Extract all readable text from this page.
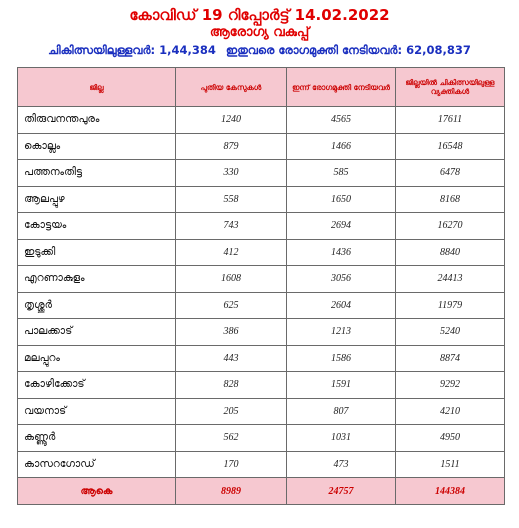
കോവിഡ് 19 റിപ്പോർട്ട് 14.02.2022
ആരോഗ്യ വകുപ്പ്
ചികിത്സയിലുള്ളവർ: 1,44,384 ഇതുവരെ രോഗമുക്തി നേടിയവർ: 62,08,837
ജില്ല	പുതിയ കേസുകൾ	ഇന്ന് രോഗമുക്തി നേടിയവർ	ജില്ലയിൽ ചികിത്സയിലുള്ള വ്യക്തികൾ
തിരുവനന്തപുരം	1240	4565	17611
കൊല്ലം	879	1466	16548
പത്തനംതിട്ട	330	585	6478
ആലപ്പുഴ	558	1650	8168
കോട്ടയം	743	2694	16270
ഇടുക്കി	412	1436	8840
എറണാകുളം	1608	3056	24413
തൃശ്ശൂർ	625	2604	11979
പാലക്കാട്	386	1213	5240
മലപ്പുറം	443	1586	8874
കോഴിക്കോട്	828	1591	9292
വയനാട്	205	807	4210
കണ്ണൂർ	562	1031	4950
കാസറഗോഡ്	170	473	1511
ആകെ	8989	24757	144384
